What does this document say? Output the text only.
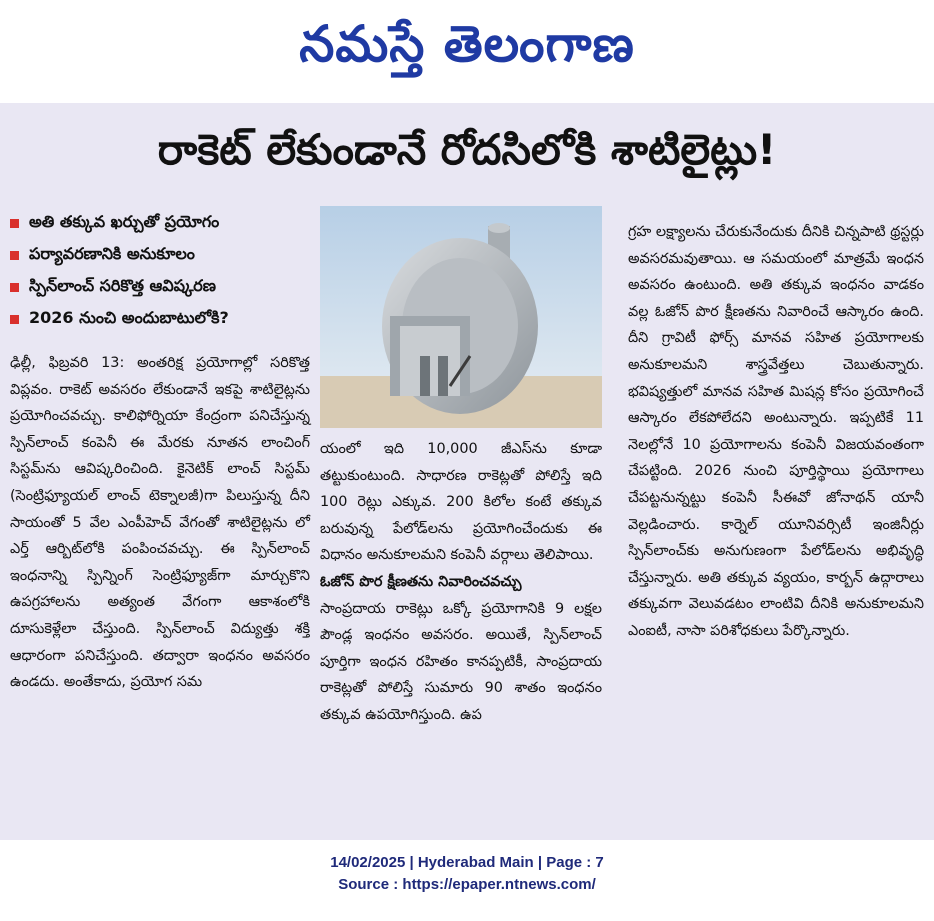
నమస్తే తెలంగాణ
రాకెట్ లేకుండానే రోదసిలోకి శాటిలైట్లు!
అతి తక్కువ ఖర్చుతో ప్రయోగం
పర్యావరణానికి అనుకూలం
స్పిన్‌లాంచ్ సరికొత్త ఆవిష్కరణ
2026 నుంచి అందుబాటులోకి?

ఢిల్లీ, ఫిబ్రవరి 13: అంతరిక్ష ప్రయోగాల్లో సరికొత్త విప్లవం. రాకెట్ అవసరం లేకుండానే ఇకపై శాటిలైట్లను ప్రయోగించవచ్చు. కాలిఫోర్నియా కేంద్రంగా పనిచేస్తున్న స్పిన్‌లాంచ్ కంపెనీ ఈ మేరకు నూతన లాంచింగ్ సిస్టమ్‌ను ఆవిష్కరించింది. కైనెటిక్ లాంచ్ సిస్టమ్ (సెంట్రిఫ్యూయల్ లాంచ్ టెక్నాలజీ)గా పిలుస్తున్న దీని సాయంతో 5 వేల ఎంపీహెచ్ వేగంతో శాటిలైట్లను లో ఎర్త్ ఆర్బిట్‌లోకి పంపించవచ్చు. ఈ స్పిన్‌లాంచ్ ఇంధనాన్ని స్పిన్నింగ్ సెంట్రిఫ్యూజ్‌గా మార్చుకొని ఉపగ్రహాలను అత్యంత వేగంగా ఆకాశంలోకి దూసుకెళ్లేలా చేస్తుంది. స్పిన్‌లాంచ్ విద్యుత్తు శక్తి ఆధారంగా పనిచేస్తుంది. తద్వారా ఇంధనం అవసరం ఉండదు. అంతేకాదు, ప్రయోగ సమ

యంలో ఇది 10,000 జీఎస్‌ను కూడా తట్టుకుంటుంది. సాధారణ రాకెట్లతో పోలిస్తే ఇది 100 రెట్లు ఎక్కువ. 200 కిలోల కంటే తక్కువ బరువున్న పేలోడ్‌లను ప్రయోగించేందుకు ఈ విధానం అనుకూలమని కంపెనీ వర్గాలు తెలిపాయి.

ఓజోన్ పొర క్షీణతను నివారించవచ్చు

సాంప్రదాయ రాకెట్లు ఒక్కో ప్రయోగానికి 9 లక్షల పౌండ్ల ఇంధనం అవసరం. అయితే, స్పిన్‌లాంచ్ పూర్తిగా ఇంధన రహితం కానప్పటికీ, సాంప్రదాయ రాకెట్లతో పోలిస్తే సుమారు 90 శాతం ఇంధనం తక్కువ ఉపయోగిస్తుంది. ఉప

గ్రహ లక్ష్యాలను చేరుకునేందుకు దీనికి చిన్నపాటి థ్రస్టర్లు అవసరమవుతాయి. ఆ సమయంలో మాత్రమే ఇంధన అవసరం ఉంటుంది. అతి తక్కువ ఇంధనం వాడకం వల్ల ఓజోన్ పొర క్షీణతను నివారించే ఆస్కారం ఉంది. దీని గ్రావిటీ ఫోర్స్ మానవ సహిత ప్రయోగాలకు అనుకూలమని శాస్త్రవేత్తలు చెబుతున్నారు. భవిష్యత్తులో మానవ సహిత మిషన్ల కోసం ప్రయోగించే ఆస్కారం లేకపోలేదని అంటున్నారు. ఇప్పటికే 11 నెలల్లోనే 10 ప్రయోగాలను కంపెనీ విజయవంతంగా చేపట్టింది. 2026 నుంచి పూర్తిస్థాయి ప్రయోగాలు చేపట్టనున్నట్టు కంపెనీ సీఈవో జోనాథన్ యానీ వెల్లడించారు. కార్నెల్ యూనివర్సిటీ ఇంజినీర్లు స్పిన్‌లాంచ్‌కు అనుగుణంగా పేలోడ్‌లను అభివృద్ధి చేస్తున్నారు. అతి తక్కువ వ్యయం, కార్బన్ ఉద్గారాలు తక్కువగా వెలువడటం లాంటివి దీనికి అనుకూలమని ఎంఐటీ, నాసా పరిశోధకులు పేర్కొన్నారు.

14/02/2025 | Hyderabad Main | Page : 7
Source : https://epaper.ntnews.com/
